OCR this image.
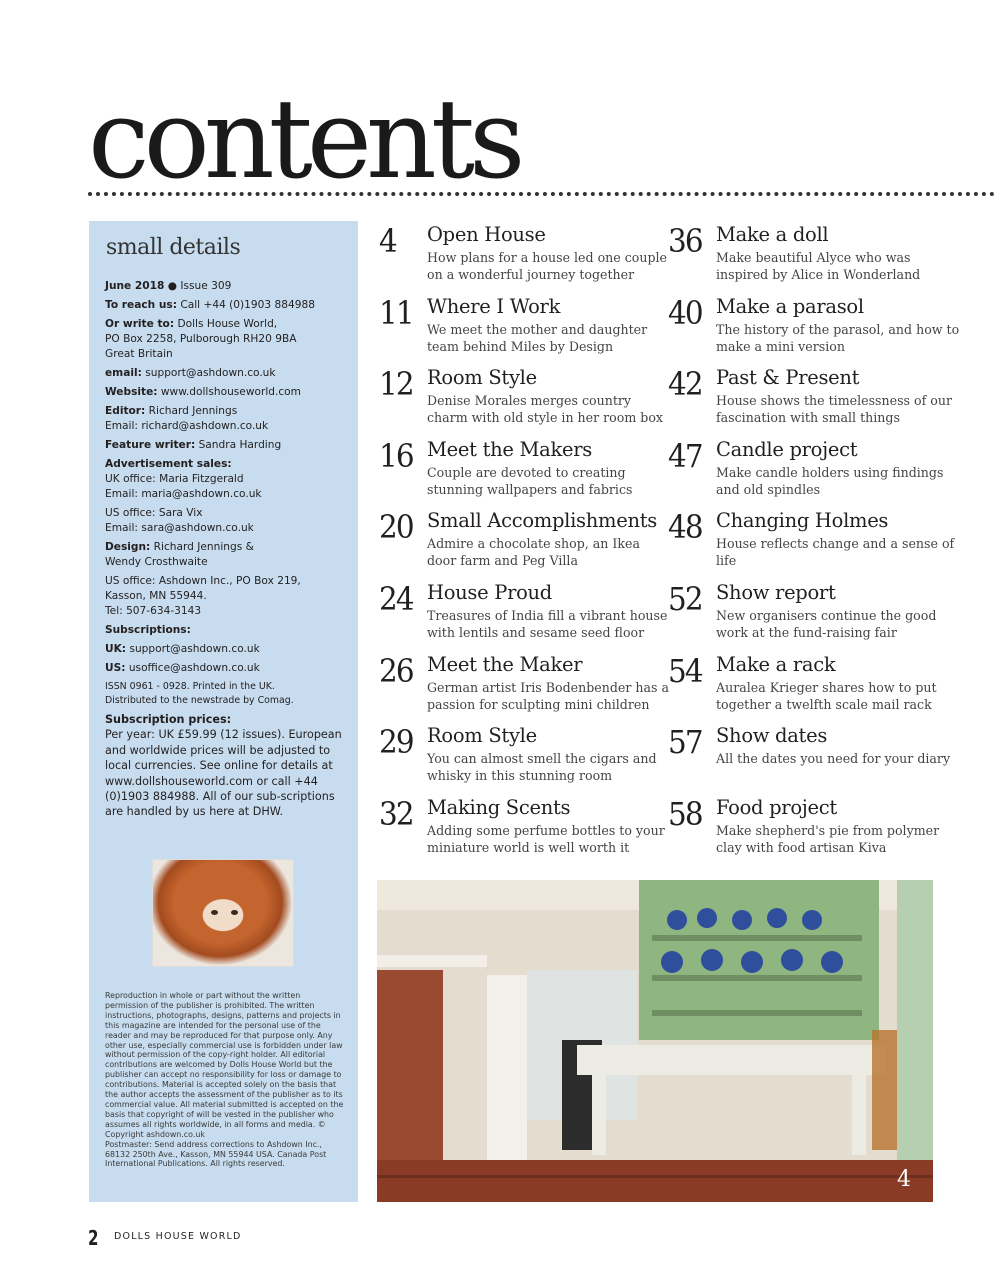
contents
small details

June 2018 ● Issue 309

To reach us: Call +44 (0)1903 884988

Or write to: Dolls House World,
PO Box 2258, Pulborough RH20 9BA
Great Britain

email: support@ashdown.co.uk

Website: www.dollshouseworld.com

Editor: Richard Jennings
Email: richard@ashdown.co.uk

Feature writer: Sandra Harding

Advertisement sales:
UK office: Maria Fitzgerald
Email: maria@ashdown.co.uk

US office: Sara Vix
Email: sara@ashdown.co.uk

Design: Richard Jennings &
Wendy Crosthwaite

US office: Ashdown Inc., PO Box 219,
Kasson, MN 55944.
Tel: 507-634-3143

Subscriptions:

UK: support@ashdown.co.uk

US: usoffice@ashdown.co.uk

ISSN 0961 - 0928. Printed in the UK.
Distributed to the newstrade by Comag.

Subscription prices:
Per year: UK £59.99 (12 issues). European and worldwide prices will be adjusted to local currencies. See online for details at www.dollshouseworld.com or call +44 (0)1903 884988. All of our sub-scriptions are handled by us here at DHW.

Reproduction in whole or part without the written permission of the publisher is prohibited. The written instructions, photographs, designs, patterns and projects in this magazine are intended for the personal use of the reader and may be reproduced for that purpose only. Any other use, especially commercial use is forbidden under law without permission of the copy-right holder. All editorial contributions are welcomed by Dolls House World but the publisher can accept no responsibility for loss or damage to contributions. Material is accepted solely on the basis that the author accepts the assessment of the publisher as to its commercial value. All material submitted is accepted on the basis that copyright of will be vested in the publisher who assumes all rights worldwide, in all forms and media. © Copyright ashdown.co.uk
Postmaster: Send address corrections to Ashdown Inc., 68132 250th Ave., Kasson, MN 55944 USA. Canada Post International Publications. All rights reserved.
4 Open House
How plans for a house led one couple on a wonderful journey together
11 Where I Work
We meet the mother and daughter team behind Miles by Design
12 Room Style
Denise Morales merges country charm with old style in her room box
16 Meet the Makers
Couple are devoted to creating stunning wallpapers and fabrics
20 Small Accomplishments
Admire a chocolate shop, an Ikea door farm and Peg Villa
24 House Proud
Treasures of India fill a vibrant house with lentils and sesame seed floor
26 Meet the Maker
German artist Iris Bodenbender has a passion for sculpting mini children
29 Room Style
You can almost smell the cigars and whisky in this stunning room
32 Making Scents
Adding some perfume bottles to your miniature world is well worth it
36 Make a doll
Make beautiful Alyce who was inspired by Alice in Wonderland
40 Make a parasol
The history of the parasol, and how to make a mini version
42 Past & Present
House shows the timelessness of our fascination with small things
47 Candle project
Make candle holders using findings and old spindles
48 Changing Holmes
House reflects change and a sense of life
52 Show report
New organisers continue the good work at the fund-raising fair
54 Make a rack
Auralea Krieger shares how to put together a twelfth scale mail rack
57 Show dates
All the dates you need for your diary
58 Food project
Make shepherd's pie from polymer clay with food artisan Kiva
4
2 DOLLS HOUSE WORLD
